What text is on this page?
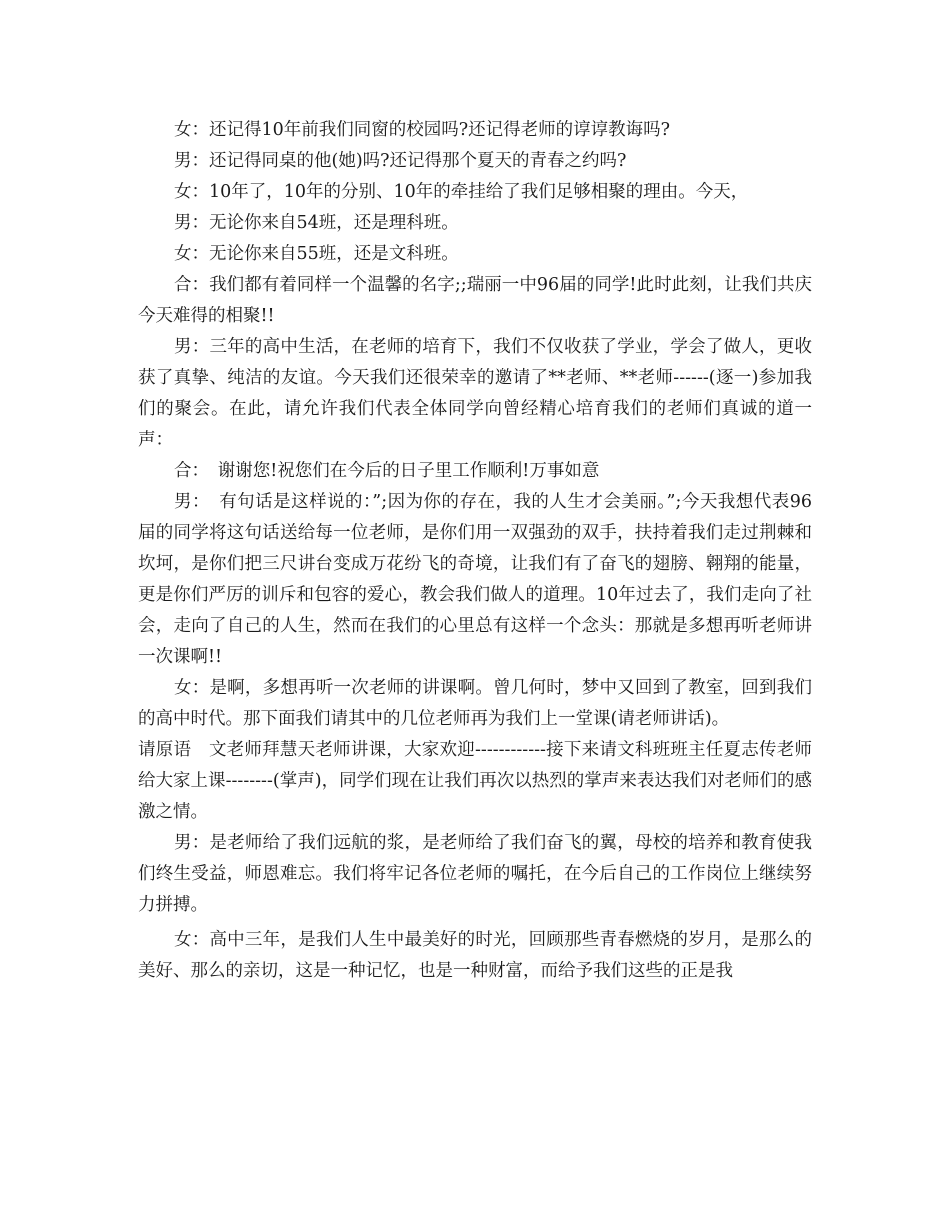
女：还记得10年前我们同窗的校园吗?还记得老师的谆谆教诲吗?

男：还记得同桌的他(她)吗?还记得那个夏天的青春之约吗?

女：10年了，10年的分别、10年的牵挂给了我们足够相聚的理由。今天，

男：无论你来自54班，还是理科班。

女：无论你来自55班，还是文科班。

合：我们都有着同样一个温馨的名字;;瑞丽一中96届的同学!此时此刻，让我们共庆今天难得的相聚!!

男：三年的高中生活，在老师的培育下，我们不仅收获了学业，学会了做人，更收获了真挚、纯洁的友谊。今天我们还很荣幸的邀请了**老师、**老师------(逐一)参加我们的聚会。在此，请允许我们代表全体同学向曾经精心培育我们的老师们真诚的道一声：

合：　谢谢您!祝您们在今后的日子里工作顺利!万事如意

男：　有句话是这样说的：”;因为你的存在，我的人生才会美丽。”;今天我想代表96届的同学将这句话送给每一位老师，是你们用一双强劲的双手，扶持着我们走过荆棘和坎坷，是你们把三尺讲台变成万花纷飞的奇境，让我们有了奋飞的翅膀、翱翔的能量，更是你们严厉的训斥和包容的爱心，教会我们做人的道理。10年过去了，我们走向了社会，走向了自己的人生，然而在我们的心里总有这样一个念头：那就是多想再听老师讲一次课啊!!

女：是啊，多想再听一次老师的讲课啊。曾几何时，梦中又回到了教室，回到我们的高中时代。那下面我们请其中的几位老师再为我们上一堂课(请老师讲话)。

请原语　文老师拜慧天老师讲课，大家欢迎------------接下来请文科班班主任夏志传老师给大家上课--------(掌声)，同学们现在让我们再次以热烈的掌声来表达我们对老师们的感激之情。

男：是老师给了我们远航的浆，是老师给了我们奋飞的翼，母校的培养和教育使我们终生受益，师恩难忘。我们将牢记各位老师的嘱托，在今后自己的工作岗位上继续努力拼搏。

女：高中三年，是我们人生中最美好的时光，回顾那些青春燃烧的岁月，是那么的美好、那么的亲切，这是一种记忆，也是一种财富，而给予我们这些的正是我
